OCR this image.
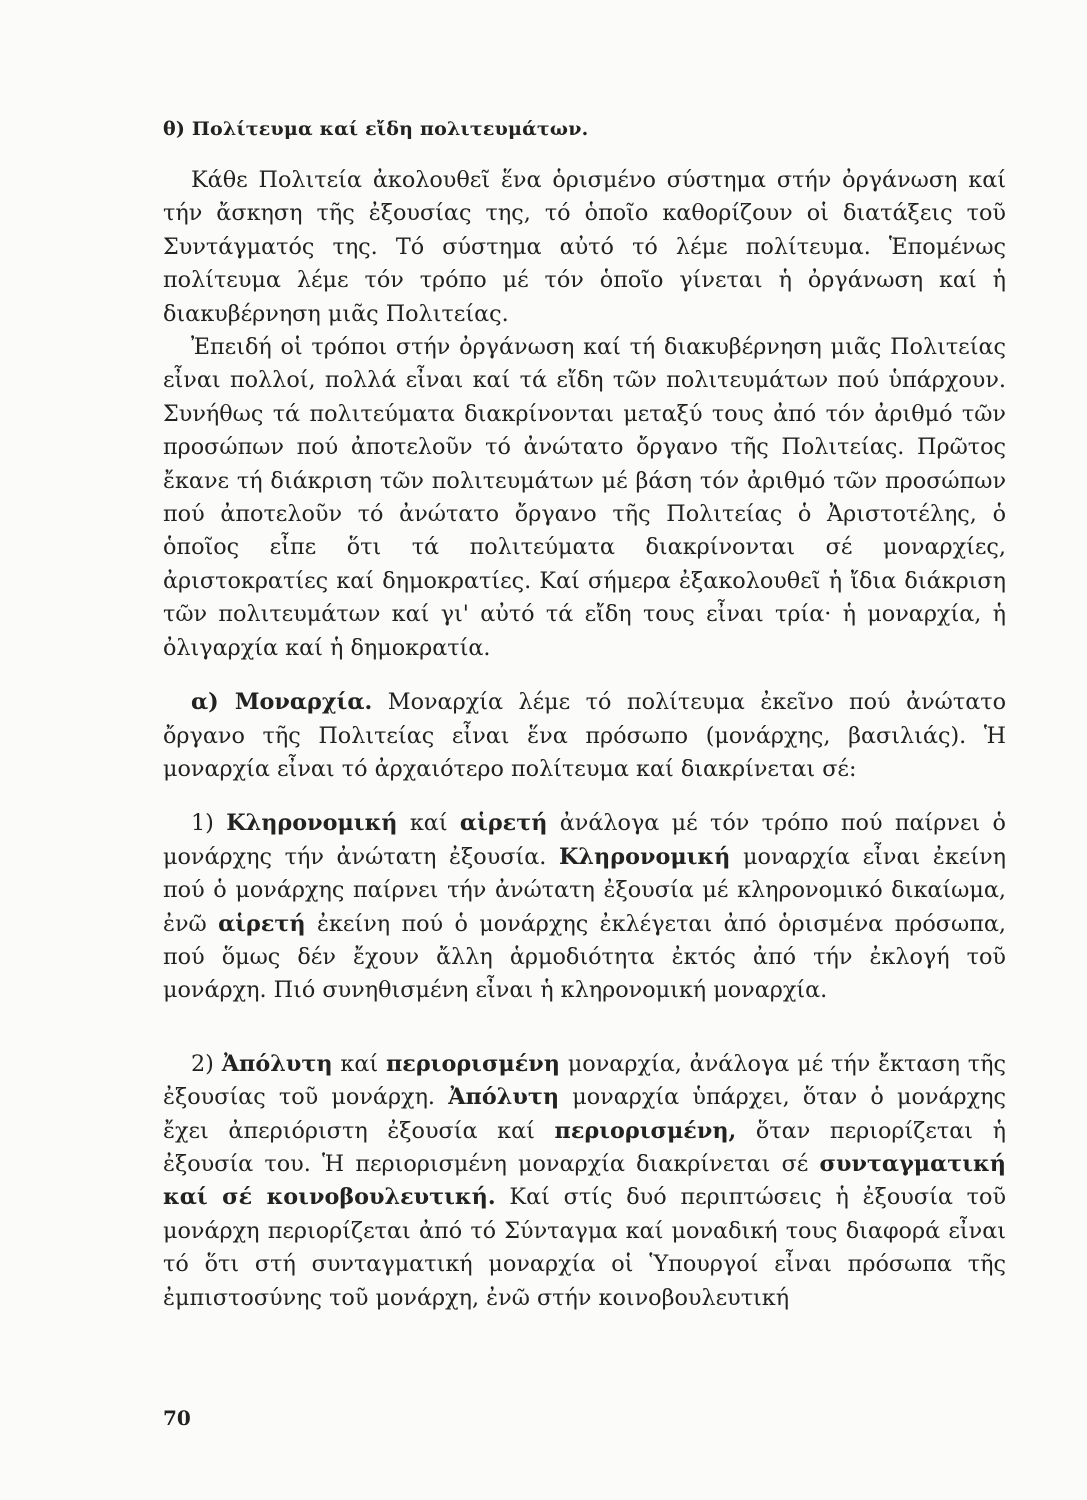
θ) Πολίτευμα καί εἴδη πολιτευμάτων.

Κάθε Πολιτεία ἀκολουθεῖ ἕνα ὁρισμένο σύστημα στήν ὀργάνωση καί τήν ἄσκηση τῆς ἐξουσίας της, τό ὁποῖο καθορίζουν οἱ διατάξεις τοῦ Συντάγματός της. Τό σύστημα αὐτό τό λέμε πολίτευμα. Ἑπομένως πολίτευμα λέμε τόν τρόπο μέ τόν ὁποῖο γίνεται ἡ ὀργάνωση καί ἡ διακυβέρνηση μιᾶς Πολιτείας.

Ἐπειδή οἱ τρόποι στήν ὀργάνωση καί τή διακυβέρνηση μιᾶς Πολιτείας εἶναι πολλοί, πολλά εἶναι καί τά εἴδη τῶν πολιτευμάτων πού ὑπάρχουν. Συνήθως τά πολιτεύματα διακρίνονται μεταξύ τους ἀπό τόν ἀριθμό τῶν προσώπων πού ἀποτελοῦν τό ἀνώτατο ὄργανο τῆς Πολιτείας. Πρῶτος ἔκανε τή διάκριση τῶν πολιτευμάτων μέ βάση τόν ἀριθμό τῶν προσώπων πού ἀποτελοῦν τό ἀνώτατο ὄργανο τῆς Πολιτείας ὁ Ἀριστοτέλης, ὁ ὁποῖος εἶπε ὅτι τά πολιτεύματα διακρίνονται σέ μοναρχίες, ἀριστοκρατίες καί δημοκρατίες. Καί σήμερα ἐξακολουθεῖ ἡ ἴδια διάκριση τῶν πολιτευμάτων καί γι' αὐτό τά εἴδη τους εἶναι τρία· ἡ μοναρχία, ἡ ὀλιγαρχία καί ἡ δημοκρατία.

α) Μοναρχία. Μοναρχία λέμε τό πολίτευμα ἐκεῖνο πού ἀνώτατο ὄργανο τῆς Πολιτείας εἶναι ἕνα πρόσωπο (μονάρχης, βασιλιάς). Ἡ μοναρχία εἶναι τό ἀρχαιότερο πολίτευμα καί διακρίνεται σέ:

1) Κληρονομική καί αἱρετή ἀνάλογα μέ τόν τρόπο πού παίρνει ὁ μονάρχης τήν ἀνώτατη ἐξουσία. Κληρονομική μοναρχία εἶναι ἐκείνη πού ὁ μονάρχης παίρνει τήν ἀνώτατη ἐξουσία μέ κληρονομικό δικαίωμα, ἐνῶ αἱρετή ἐκείνη πού ὁ μονάρχης ἐκλέγεται ἀπό ὁρισμένα πρόσωπα, πού ὅμως δέν ἔχουν ἄλλη ἁρμοδιότητα ἐκτός ἀπό τήν ἐκλογή τοῦ μονάρχη. Πιό συνηθισμένη εἶναι ἡ κληρονομική μοναρχία.

2) Ἀπόλυτη καί περιορισμένη μοναρχία, ἀνάλογα μέ τήν ἔκταση τῆς ἐξουσίας τοῦ μονάρχη. Ἀπόλυτη μοναρχία ὑπάρχει, ὅταν ὁ μονάρχης ἔχει ἀπεριόριστη ἐξουσία καί περιορισμένη, ὅταν περιορίζεται ἡ ἐξουσία του. Ἡ περιορισμένη μοναρχία διακρίνεται σέ συνταγματική καί σέ κοινοβουλευτική. Καί στίς δυό περιπτώσεις ἡ ἐξουσία τοῦ μονάρχη περιορίζεται ἀπό τό Σύνταγμα καί μοναδική τους διαφορά εἶναι τό ὅτι στή συνταγματική μοναρχία οἱ Ὑπουργοί εἶναι πρόσωπα τῆς ἐμπιστοσύνης τοῦ μονάρχη, ἐνῶ στήν κοινοβουλευτική

70
